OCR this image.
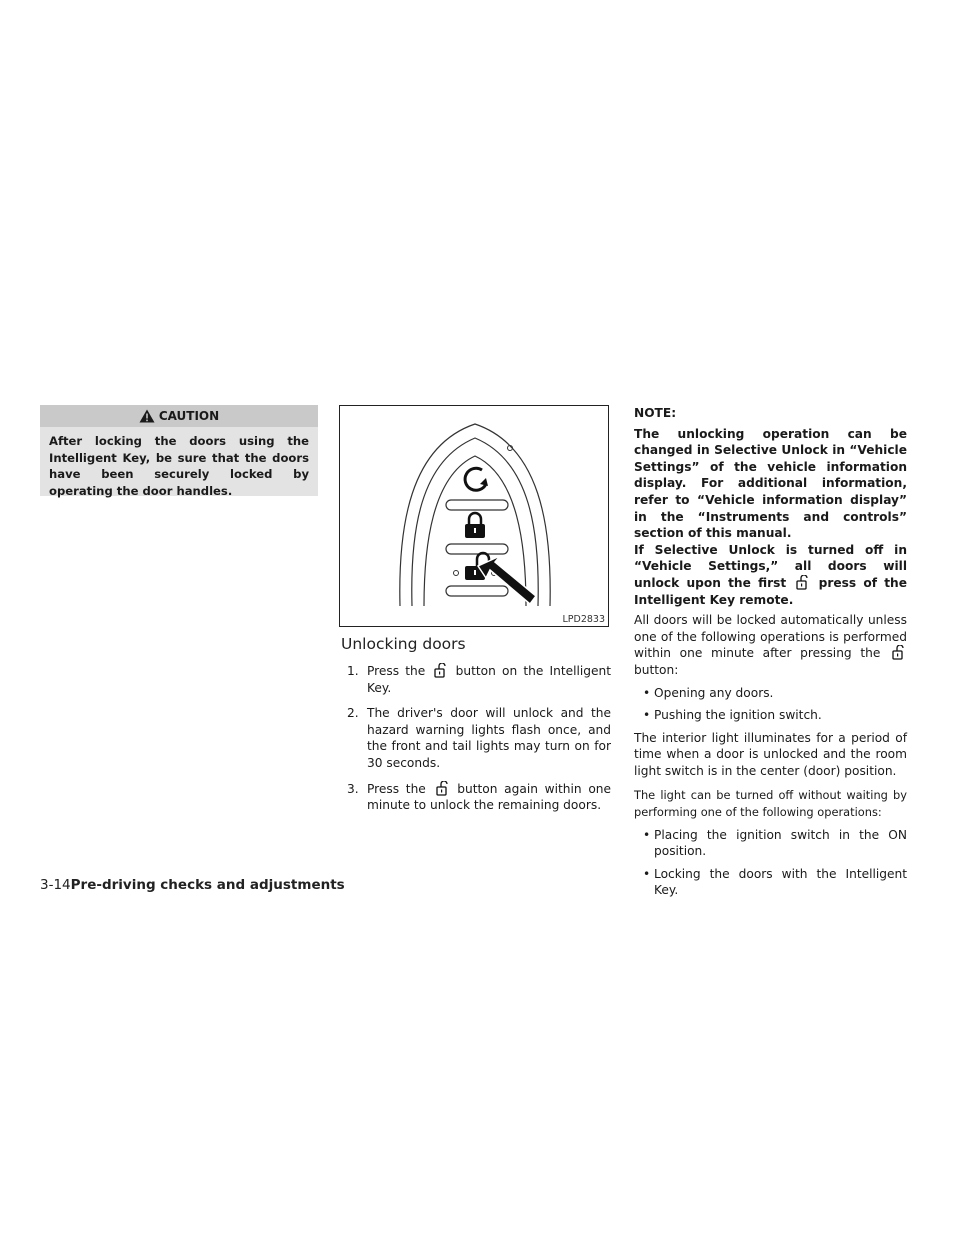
CAUTION
After locking the doors using the Intelligent Key, be sure that the doors have been securely locked by operating the door handles.
LPD2833
Unlocking doors
1. Press the button on the Intelligent Key.
2. The driver's door will unlock and the hazard warning lights flash once, and the front and tail lights may turn on for 30 seconds.
3. Press the	button again within one minute to unlock the remaining doors.

NOTE:

The unlocking operation can be changed in Selective Unlock in “Vehicle Settings” of the vehicle information display. For additional information, refer to “Vehicle information display” in the “Instruments and controls” section of this manual.

If Selective Unlock is turned off in “Vehicle Settings,” all doors will unlock upon the first	press of the Intelligent Key remote.

All doors will be locked automatically unless one of the following operations is performed within one minute after pressing the  button:

• Opening any doors.
• Pushing the ignition switch.

The interior light illuminates for a period of time when a door is unlocked and the room light switch is in the center (door) position.

The light can be turned off without waiting by performing one of the following operations:

• Placing the ignition switch in the ON position.
• Locking the doors with the Intelligent Key.
3-14Pre-driving checks and adjustments
